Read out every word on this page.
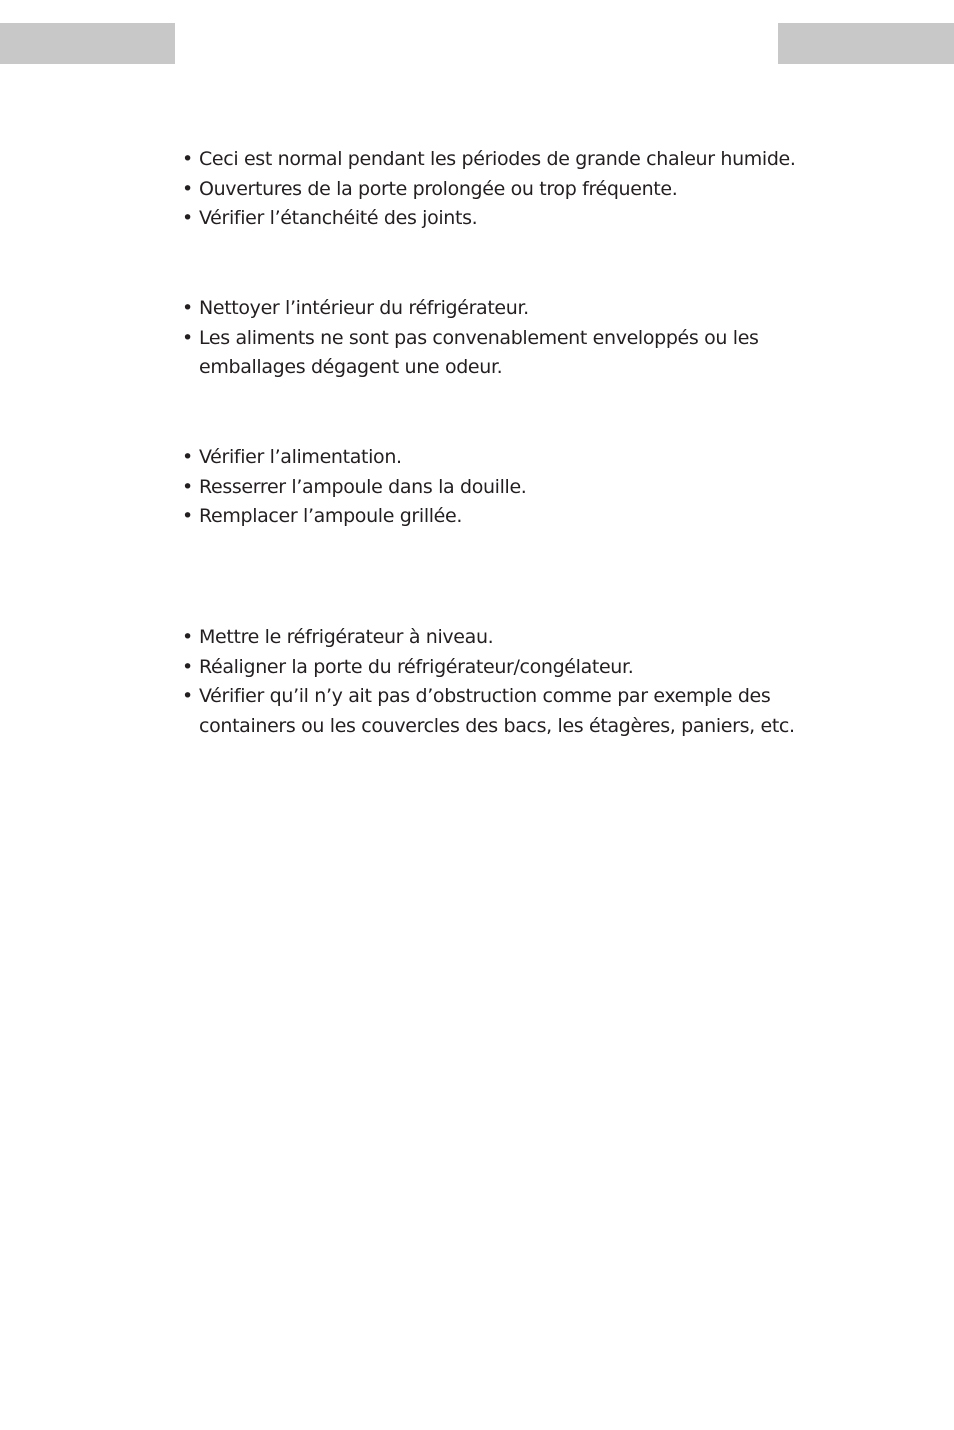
• Ceci est normal pendant les périodes de grande chaleur humide.
• Ouvertures de la porte prolongée ou trop fréquente.
• Vérifier l’étanchéité des joints.
• Nettoyer l’intérieur du réfrigérateur.
• Les aliments ne sont pas convenablement enveloppés ou les emballages dégagent une odeur.
• Vérifier l’alimentation.
• Resserrer l’ampoule dans la douille.
• Remplacer l’ampoule grillée.
• Mettre le réfrigérateur à niveau.
• Réaligner la porte du réfrigérateur/congélateur.
• Vérifier qu’il n’y ait pas d’obstruction comme par exemple des containers ou les couvercles des bacs, les étagères, paniers, etc.
